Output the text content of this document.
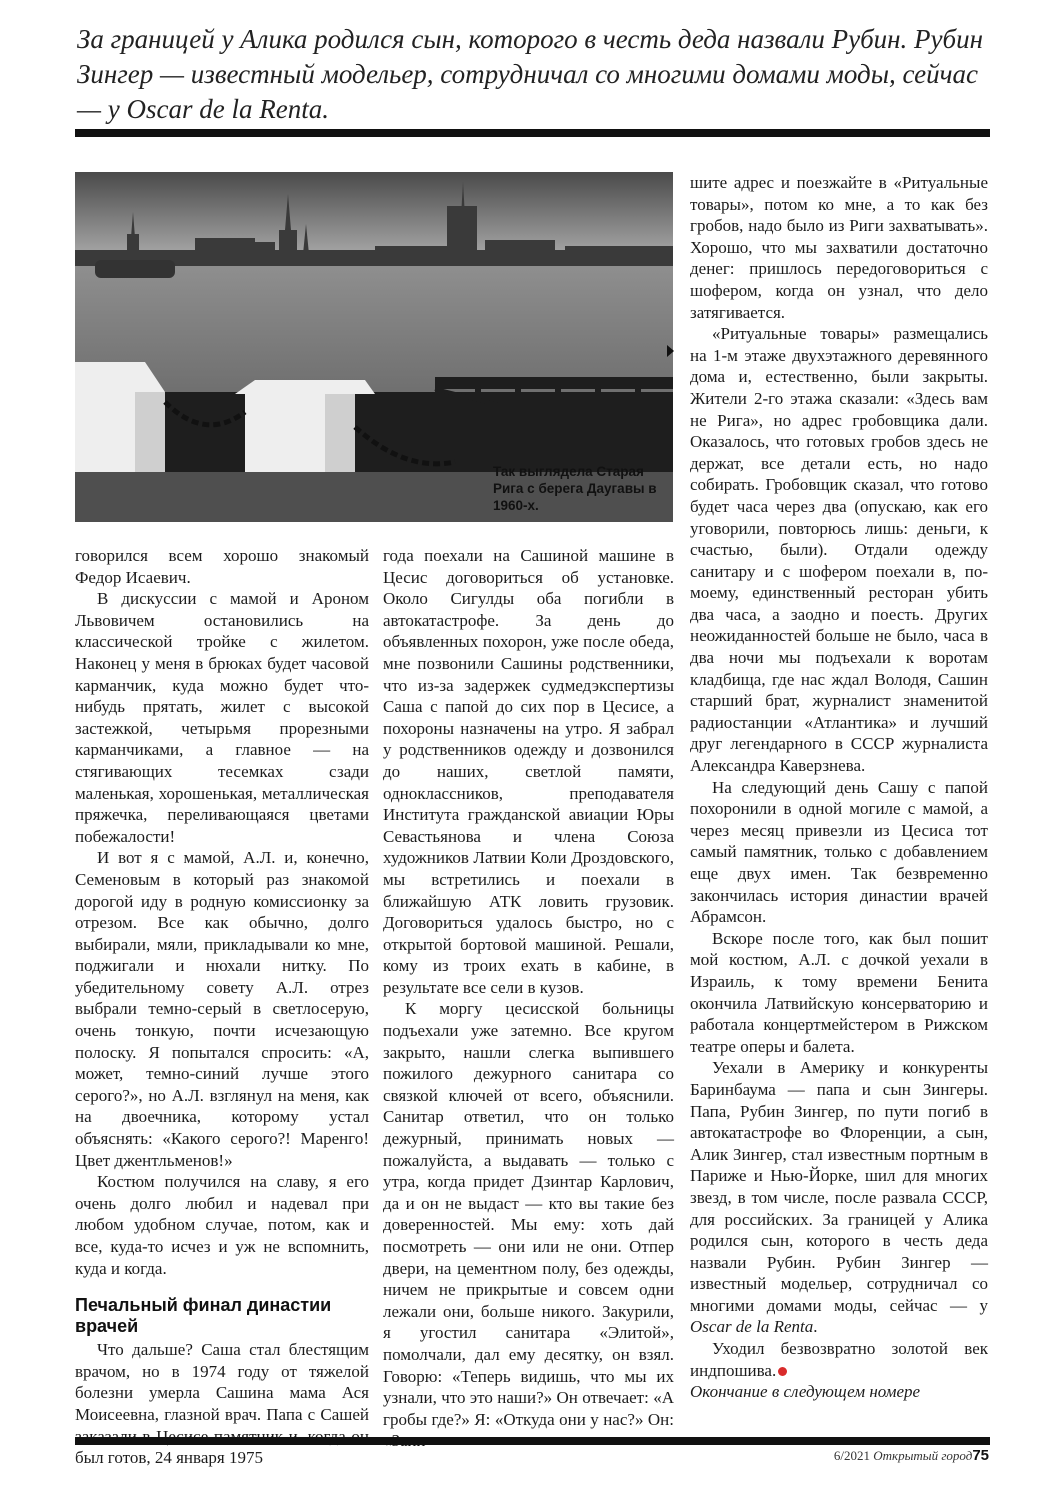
За границей у Алика родился сын, которого в честь деда назвали Рубин. Рубин Зингер — известный модельер, сотрудничал со многими домами моды, сейчас — у Oscar de la Renta.
Так выглядела Старая Рига с берега Даугавы в 1960-х.

говорился всем хорошо знакомый Федор Исаевич.

В дискуссии с мамой и Ароном Львовичем остановились на классической тройке с жилетом. Наконец у меня в брюках будет часовой карманчик, куда можно будет что-нибудь прятать, жилет с высокой застежкой, четырьмя прорезными карманчиками, а главное — на стягивающих тесемках сзади маленькая, хорошенькая, металлическая пряжечка, переливающаяся цветами побежалости!

И вот я с мамой, А.Л. и, конечно, Семеновым в который раз знакомой дорогой иду в родную комиссионку за отрезом. Все как обычно, долго выбирали, мяли, прикладывали ко мне, поджигали и нюхали нитку. По убедительному совету А.Л. отрез выбрали темно-серый в светлосерую, очень тонкую, почти исчезающую полоску. Я попытался спросить: «А, может, темно-синий лучше этого серого?», но А.Л. взглянул на меня, как на двоечника, которому устал объяснять: «Какого серого?! Маренго! Цвет джентльменов!»

Костюм получился на славу, я его очень долго любил и надевал при любом удобном случае, потом, как и все, куда-то исчез и уж не вспомнить, куда и когда.

Печальный финал династии врачей

Что дальше? Саша стал блестящим врачом, но в 1974 году от тяжелой болезни умерла Сашина мама Ася Моисеевна, глазной врач. Папа с Сашей был готов, 24 января 1975

года поехали на Сашиной машине в Цесис договориться об установке. Около Сигулды оба погибли в автокатастрофе. За день до объявленных похорон, уже после обеда, мне позвонили Сашины родственники, что из-за задержек судмедэкспертизы Саша с папой до сих пор в Цесисе, а похороны назначены на утро. Я забрал у родственников одежду и дозвонился до наших, светлой памяти, одноклассников, преподавателя Института гражданской авиации Юры Севастьянова и члена Союза художников Латвии Коли Дроздовского, мы встретились и поехали в ближайшую АТК ловить грузовик. Договориться удалось быстро, но с открытой бортовой машиной. Решали, кому из троих ехать в кабине, в результате все сели в кузов.

К моргу цесисской больницы подъехали уже затемно. Все кругом закрыто, нашли слегка выпившего пожилого дежурного санитара со связкой ключей от всего, объяснили. Санитар ответил, что он только дежурный, принимать новых — пожалуйста, а выдавать — только с утра, когда придет Дзинтар Карлович, да и он не выдаст — кто вы такие без доверенностей. Мы ему: хоть дай посмотреть — они или не они. Отпер двери, на цементном полу, без одежды, ничем не прикрытые и совсем одни лежали они, больше никого. Закурили, я угостил санитара «Элитой», помолчали, дал ему десятку, он взял. Говорю: «Теперь видишь, что мы их узнали, что это наши?» Он отвечает: «А гробы где?» Я: «Откуда они у нас?» Он:

шите адрес и поезжайте в «Ритуальные товары», потом ко мне, а то как без гробов, надо было из Риги захватывать». Хорошо, что мы захватили достаточно денег: пришлось передоговориться с шофером, когда он узнал, что дело затягивается.

«Ритуальные товары» размещались на 1-м этаже двухэтажного деревянного дома и, естественно, были закрыты. Жители 2-го этажа сказали: «Здесь вам не Рига», но адрес гробовщика дали. Оказалось, что готовых гробов здесь не держат, все детали есть, но надо собирать. Гробовщик сказал, что готово будет часа через два (опускаю, как его уговорили, повторюсь лишь: деньги, к счастью, были). Отдали одежду санитару и с шофером поехали в, по-моему, единственный ресторан убить два часа, а заодно и поесть. Других неожиданностей больше не было, часа в два ночи мы подъехали к воротам кладбища, где нас ждал Володя, Сашин старший брат, журналист знаменитой радиостанции «Атлантика» и лучший друг легендарного в СССР журналиста Александра Каверзнева.

На следующий день Сашу с папой похоронили в одной могиле с мамой, а через месяц привезли из Цесиса тот самый памятник, только с добавлением еще двух имен. Так безвременно закончилась история династии врачей Абрамсон.

Вскоре после того, как был пошит мой костюм, А.Л. с дочкой уехали в Израиль, к тому времени Бенита окончила Латвийскую консерваторию и работала концертмейстером в Рижском театре оперы и балета.

Уехали в Америку и конкуренты Баринбаума — папа и сын Зингеры. Папа, Рубин Зингер, по пути погиб в автокатастрофе во Флоренции, а сын, Алик Зингер, стал известным портным в Париже и Нью-Йорке, шил для многих звезд, в том числе, после развала СССР, для российских. За границей у Алика родился сын, которого в честь деда назвали Рубин. Рубин Зингер — известный модельер, сотрудничал со многими домами моды, сейчас — у Oscar de la Renta.

Уходил безвозвратно золотой век индпошива.

Окончание в следующем номере

6/2021 Открытый город75
